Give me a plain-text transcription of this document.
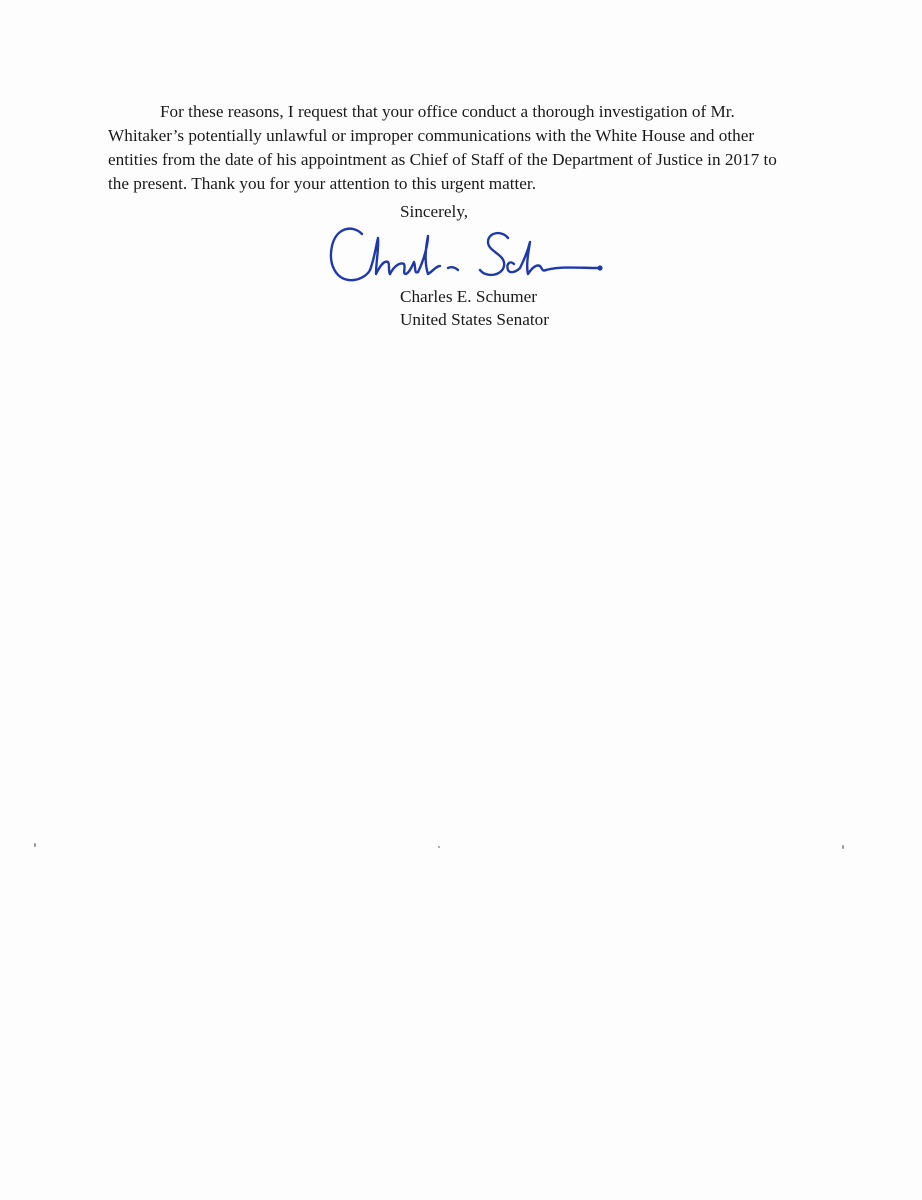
For these reasons, I request that your office conduct a thorough investigation of Mr.
Whitaker’s potentially unlawful or improper communications with the White House and other
entities from the date of his appointment as Chief of Staff of the Department of Justice in 2017 to
the present. Thank you for your attention to this urgent matter.

Sincerely,

Charles E. Schumer
United States Senator
